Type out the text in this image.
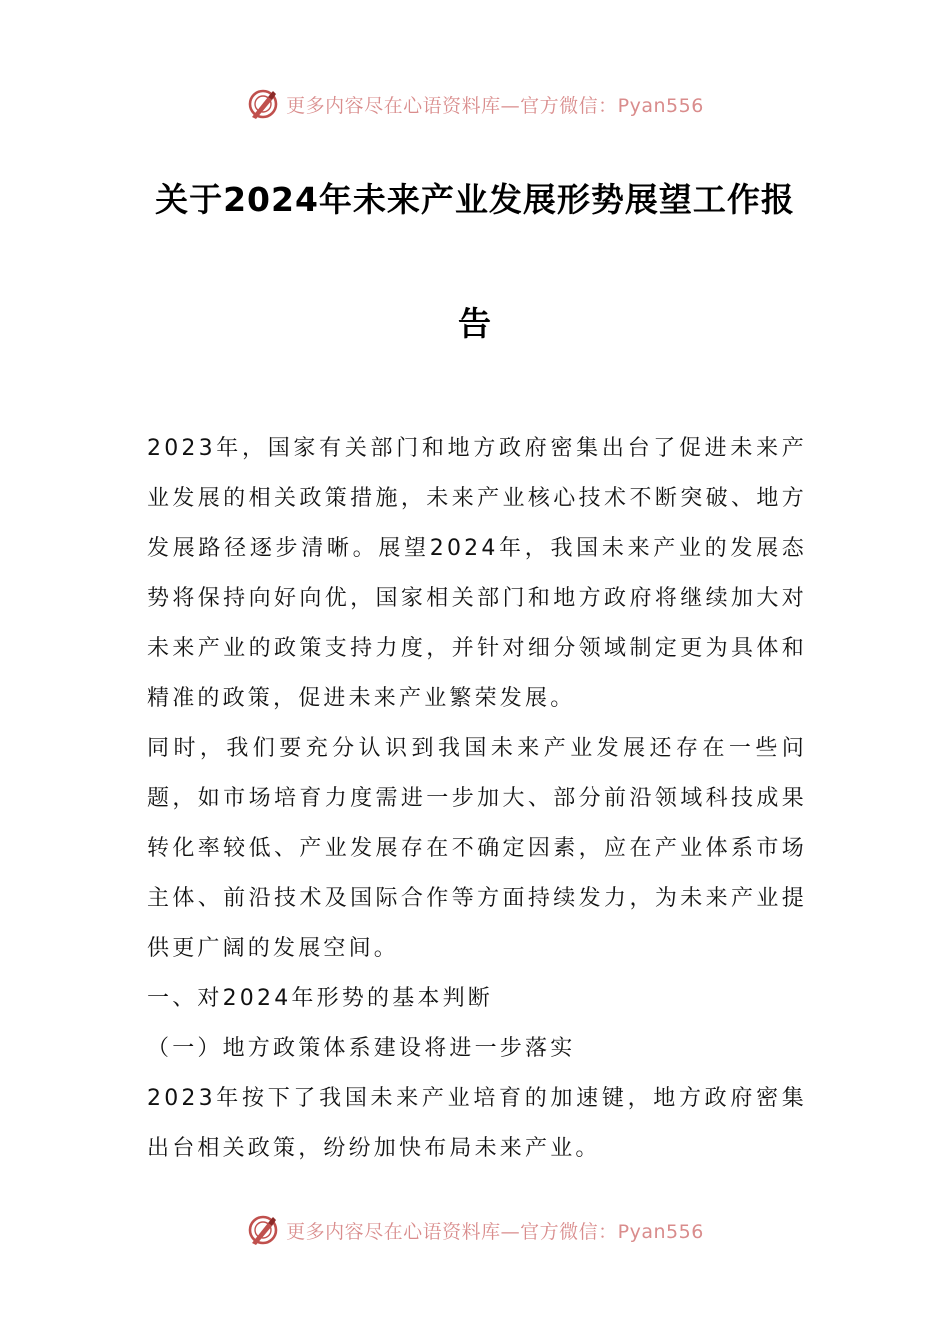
更多内容尽在心语资料库—官方微信：Pyan556
关于2024年未来产业发展形势展望工作报
告

2023年，国家有关部门和地方政府密集出台了促进未来产业发展的相关政策措施，未来产业核心技术不断突破、地方发展路径逐步清晰。展望2024年，我国未来产业的发展态势将保持向好向优，国家相关部门和地方政府将继续加大对未来产业的政策支持力度，并针对细分领域制定更为具体和精准的政策，促进未来产业繁荣发展。

同时，我们要充分认识到我国未来产业发展还存在一些问题，如市场培育力度需进一步加大、部分前沿领域科技成果转化率较低、产业发展存在不确定因素，应在产业体系市场主体、前沿技术及国际合作等方面持续发力，为未来产业提供更广阔的发展空间。

一、对2024年形势的基本判断

（一）地方政策体系建设将进一步落实

2023年按下了我国未来产业培育的加速键，地方政府密集出台相关政策，纷纷加快布局未来产业。

更多内容尽在心语资料库—官方微信：Pyan556
